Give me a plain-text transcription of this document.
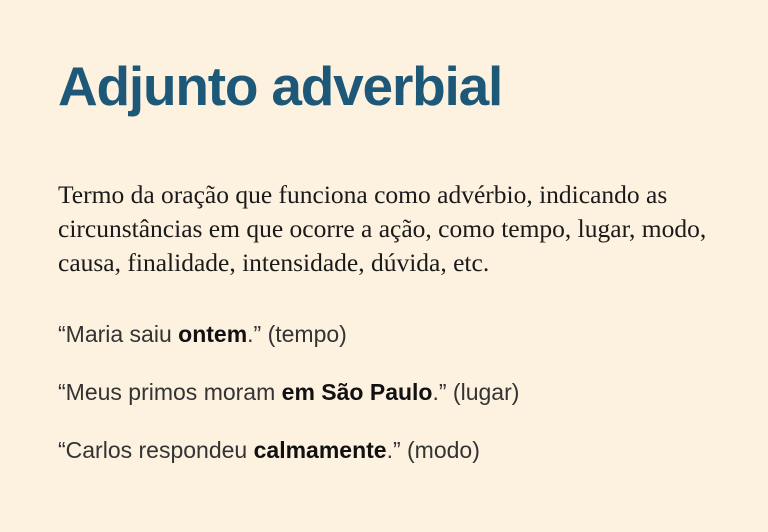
Adjunto adverbial

Termo da oração que funciona como advérbio, indicando as circunstâncias em que ocorre a ação, como tempo, lugar, modo, causa, finalidade, intensidade, dúvida, etc.

“Maria saiu ontem.” (tempo)

“Meus primos moram em São Paulo.” (lugar)

“Carlos respondeu calmamente.” (modo)
